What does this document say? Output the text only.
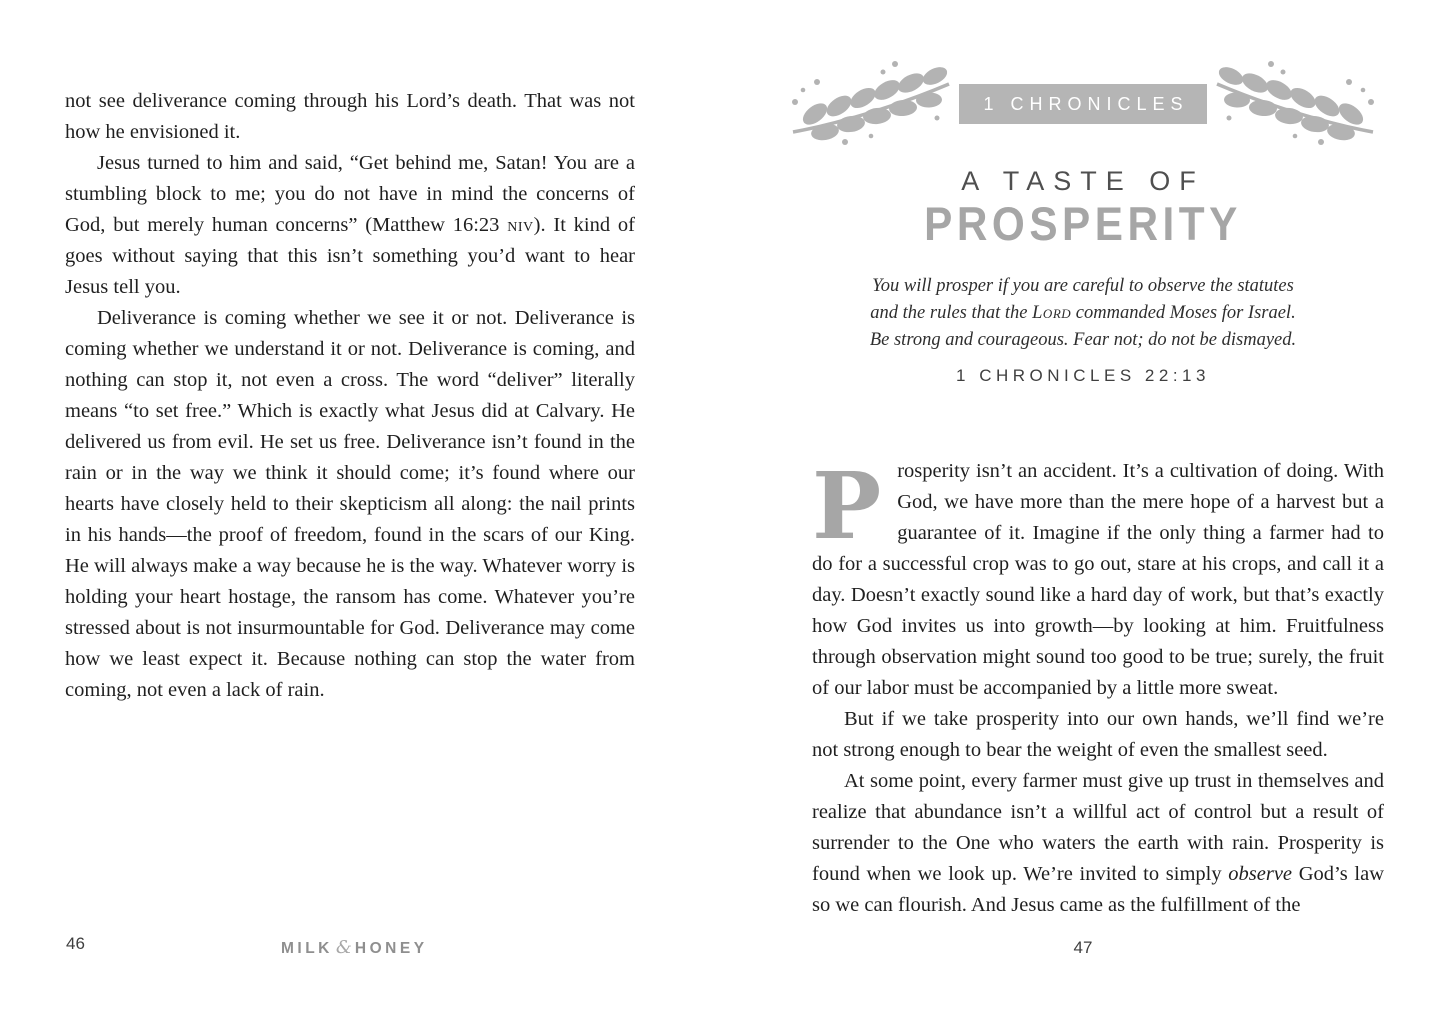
not see deliverance coming through his Lord’s death. That was not how he envisioned it.

Jesus turned to him and said, “Get behind me, Satan! You are a stumbling block to me; you do not have in mind the concerns of God, but merely human concerns” (Matthew 16:23 niv). It kind of goes without saying that this isn’t something you’d want to hear Jesus tell you.

Deliverance is coming whether we see it or not. Deliverance is coming whether we understand it or not. Deliverance is coming, and nothing can stop it, not even a cross. The word “deliver” literally means “to set free.” Which is exactly what Jesus did at Calvary. He delivered us from evil. He set us free. Deliverance isn’t found in the rain or in the way we think it should come; it’s found where our hearts have closely held to their skepticism all along: the nail prints in his hands—the proof of freedom, found in the scars of our King. He will always make a way because he is the way. Whatever worry is holding your heart hostage, the ransom has come. Whatever you’re stressed about is not insurmountable for God. Deliverance may come how we least expect it. Because nothing can stop the water from coming, not even a lack of rain.

46	MILK & HONEY
1 CHRONICLES
A TASTE OF
PROSPERITY
You will prosper if you are careful to observe the statutes
and the rules that the Lord commanded Moses for Israel.
Be strong and courageous. Fear not; do not be dismayed.
1 CHRONICLES 22:13

Prosperity isn’t an accident. It’s a cultivation of doing. With God, we have more than the mere hope of a harvest but a guarantee of it. Imagine if the only thing a farmer had to do for a successful crop was to go out, stare at his crops, and call it a day. Doesn’t exactly sound like a hard day of work, but that’s exactly how God invites us into growth—by looking at him. Fruitfulness through observation might sound too good to be true; surely, the fruit of our labor must be accompanied by a little more sweat.

But if we take prosperity into our own hands, we’ll find we’re not strong enough to bear the weight of even the smallest seed.

At some point, every farmer must give up trust in themselves and realize that abundance isn’t a willful act of control but a result of surrender to the One who waters the earth with rain. Prosperity is found when we look up. We’re invited to simply observe God’s law so we can flourish. And Jesus came as the fulfillment of the

47
